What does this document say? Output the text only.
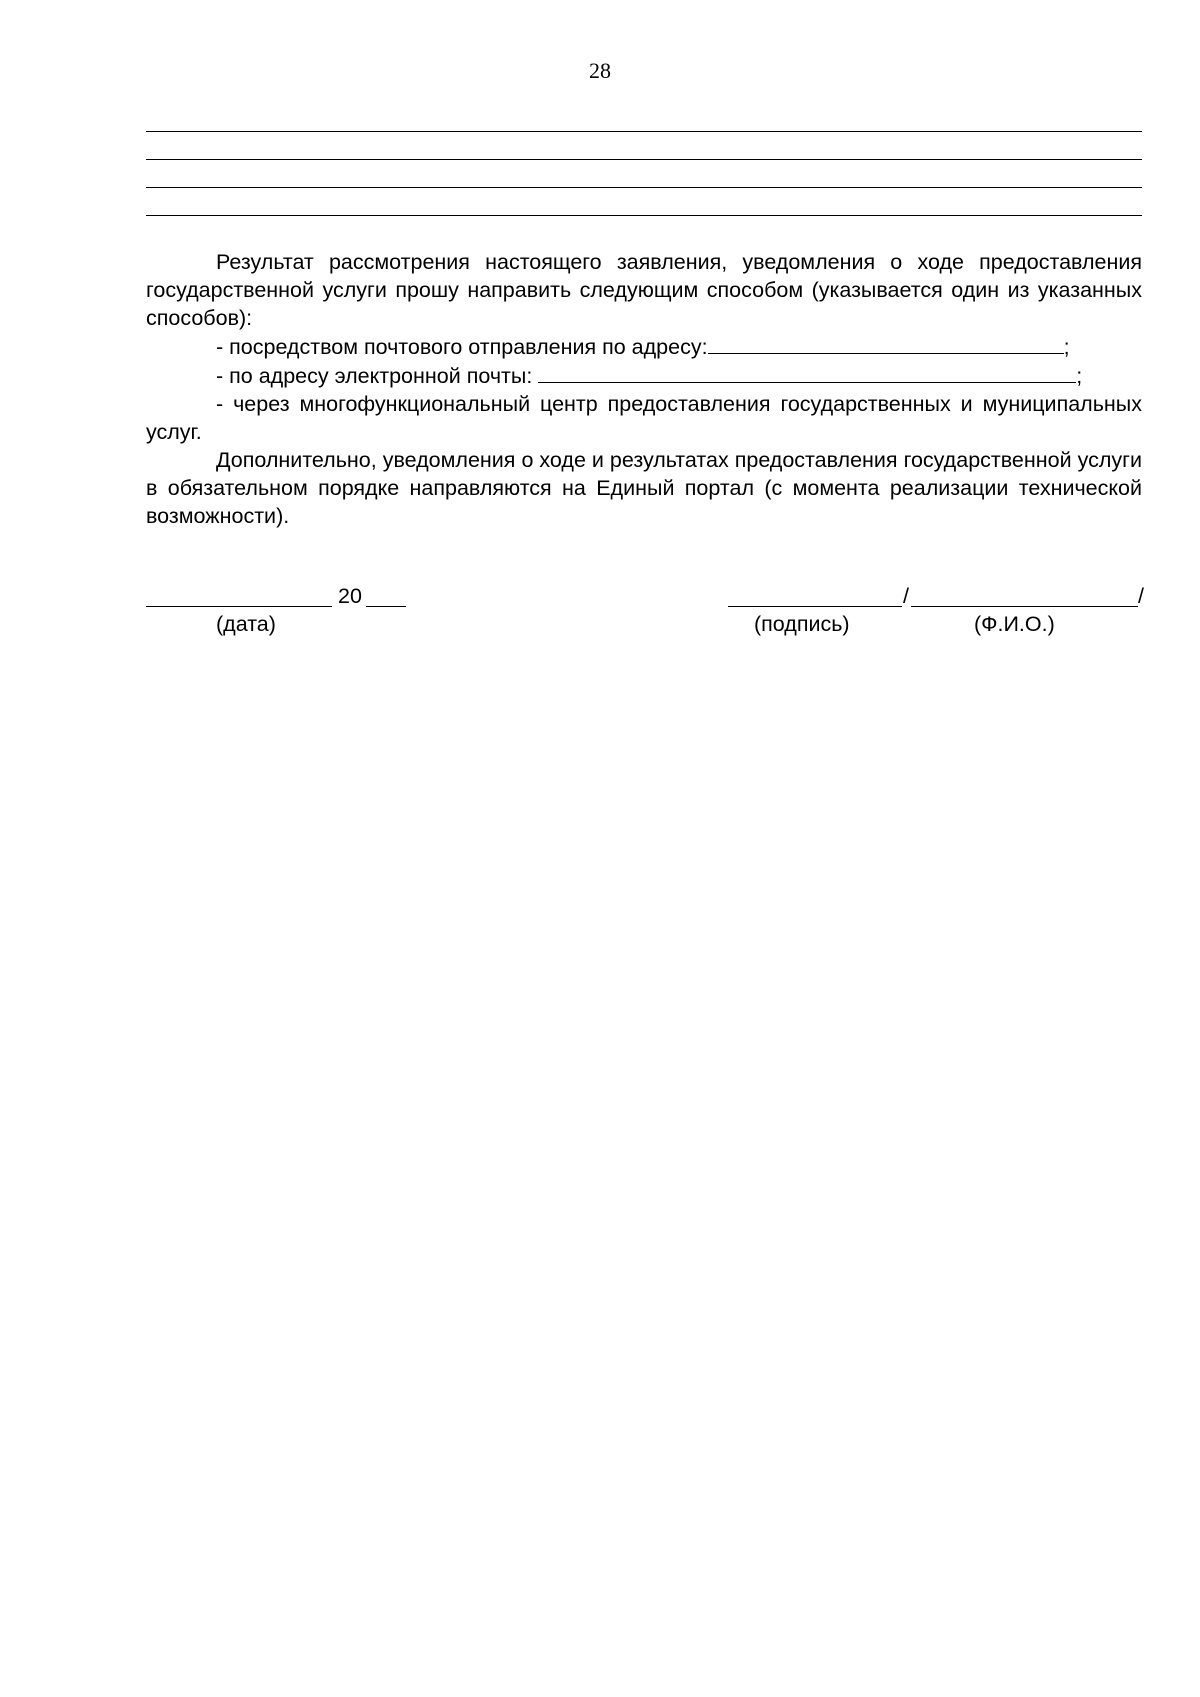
28

Результат рассмотрения настоящего заявления, уведомления о ходе предоставления государственной услуги прошу направить следующим способом (указывается один из указанных способов):

- посредством почтового отправления по адресу:	;

- по адресу электронной почты:	;

- через многофункциональный центр предоставления государственных и муниципальных услуг.

Дополнительно, уведомления о ходе и результатах предоставления государственной услуги в обязательном порядке направляются на Единый портал (с момента реализации технической возможности).

20	/	/
(дата)	(подпись)	(Ф.И.О.)
